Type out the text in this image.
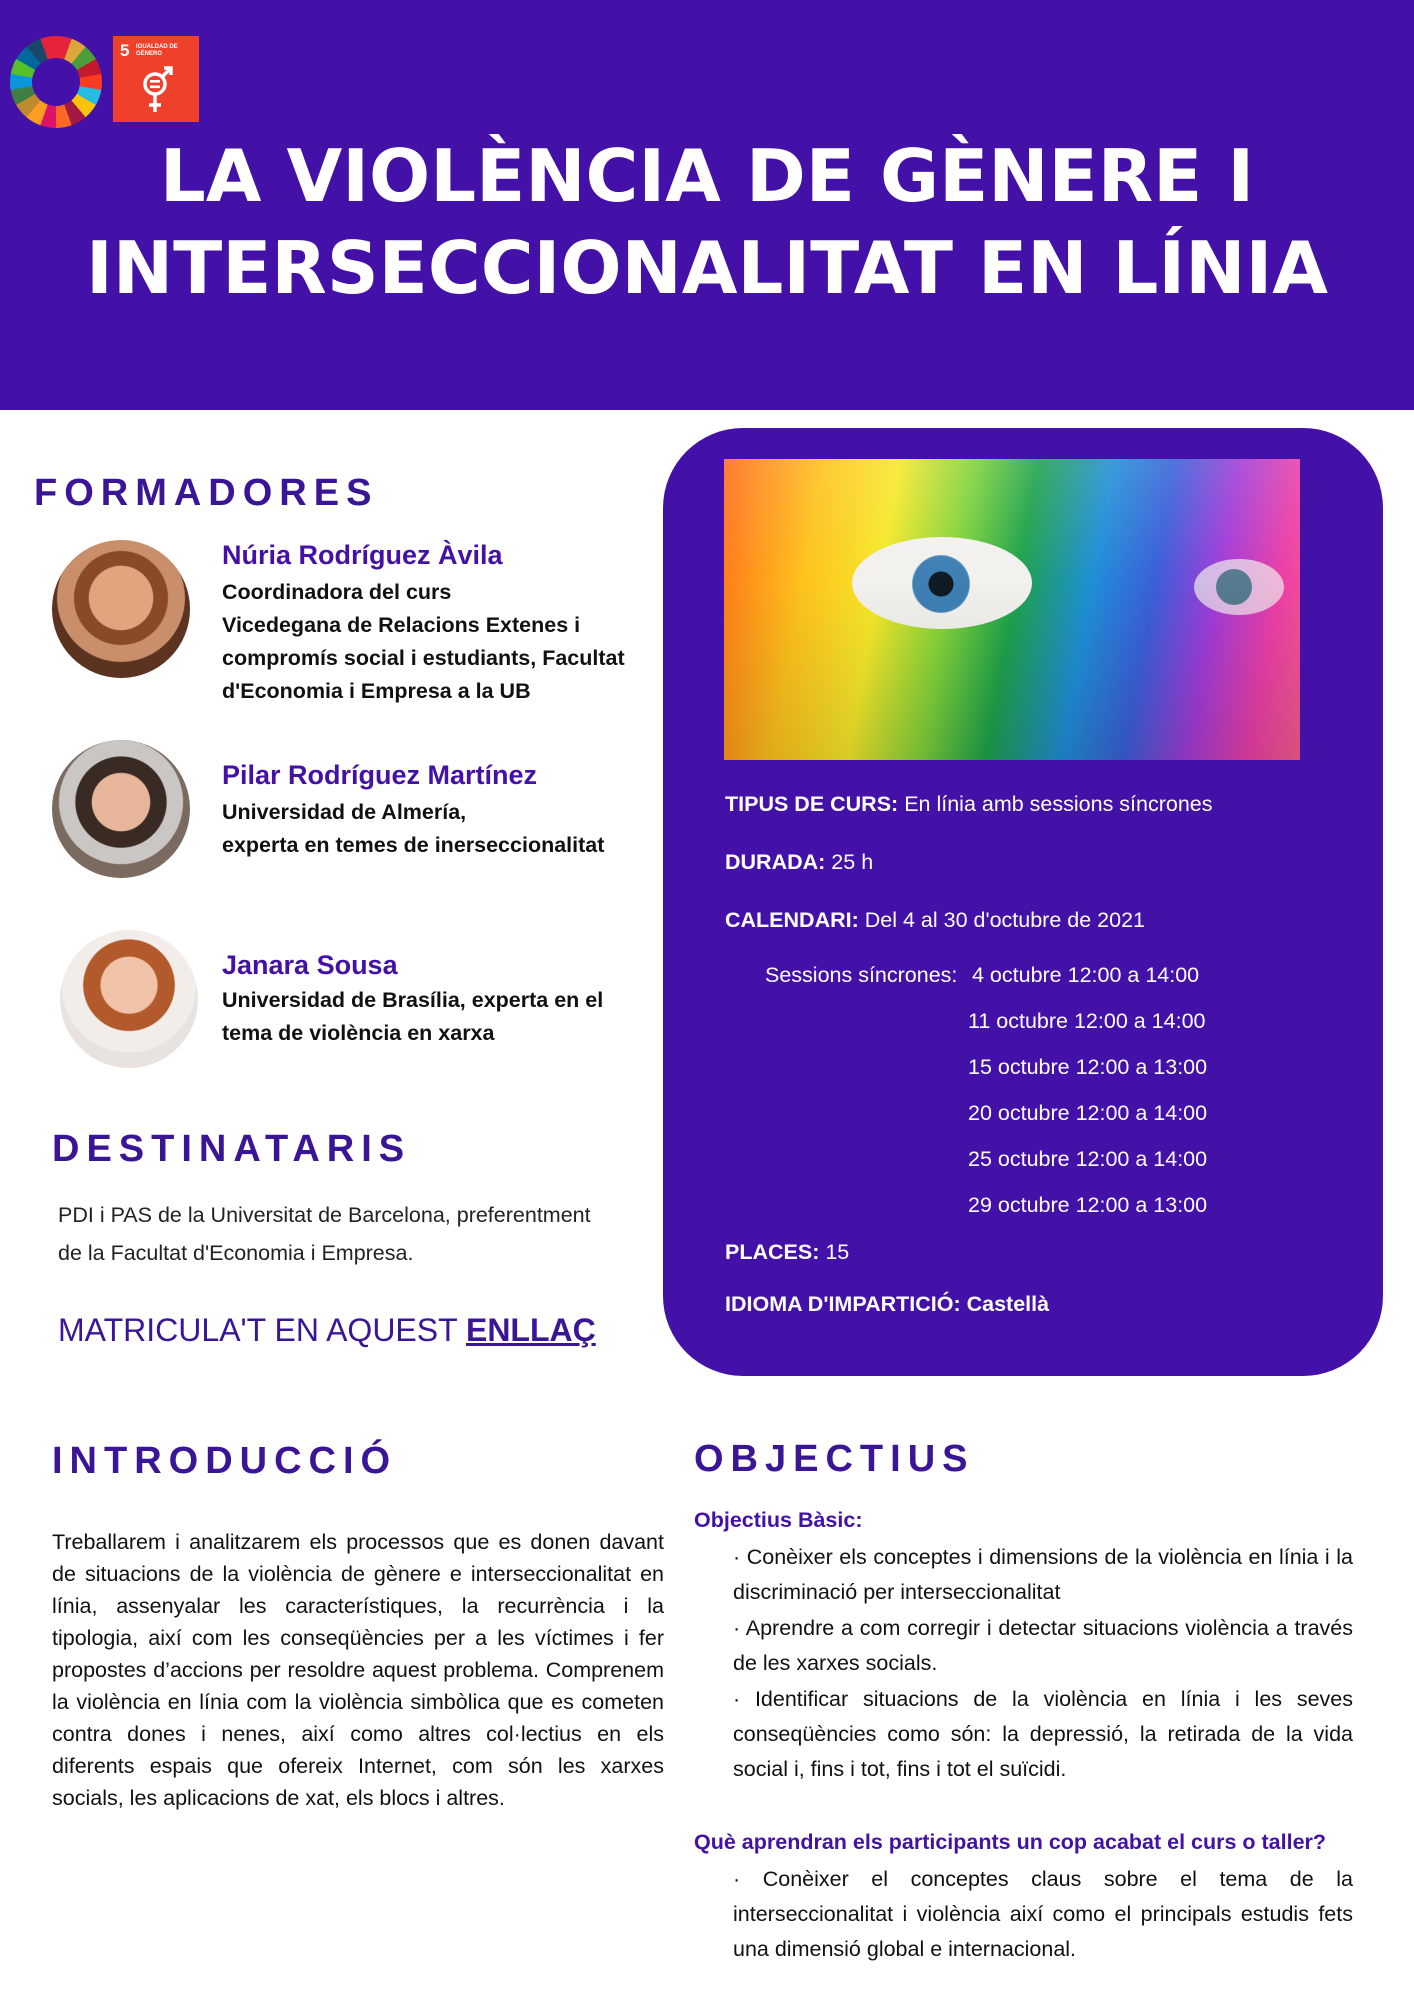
5 IGUALDAD DE GÉNERO
LA VIOLÈNCIA DE GÈNERE I
INTERSECCIONALITAT EN LÍNIA
FORMADORES
Núria Rodríguez Àvila
Coordinadora del curs
Vicedegana de Relacions Extenes i
compromís social i estudiants, Facultat
d'Economia i Empresa a la UB
Pilar Rodríguez Martínez
Universidad de Almería,
experta en temes de inerseccionalitat
Janara Sousa
Universidad de Brasília, experta en el
tema de violència en xarxa
DESTINATARIS
PDI i PAS de la Universitat de Barcelona, preferentment
de la Facultat d'Economia i Empresa.
MATRICULA'T EN AQUEST ENLLAÇ
TIPUS DE CURS: En línia amb sessions síncrones
DURADA: 25 h
CALENDARI: Del 4 al 30 d'octubre de 2021
Sessions síncrones: 4 octubre 12:00 a 14:00
11 octubre 12:00 a 14:00
15 octubre 12:00 a 13:00
20 octubre 12:00 a 14:00
25 octubre 12:00 a 14:00
29 octubre 12:00 a 13:00
PLACES: 15
IDIOMA D'IMPARTICIÓ: Castellà
INTRODUCCIÓ
Treballarem i analitzarem els processos que es donen davant de situacions de la violència de gènere e interseccionalitat en línia, assenyalar les característiques, la recurrència i la tipologia, així com les conseqüències per a les víctimes i fer propostes d’accions per resoldre aquest problema. Comprenem la violència en línia com la violència simbòlica que es cometen contra dones i nenes, així como altres col·lectius en els diferents espais que ofereix Internet, com són les xarxes socials, les aplicacions de xat, els blocs i altres.
OBJECTIUS
Objectius Bàsic:
· Conèixer els conceptes i dimensions de la violència en línia i la discriminació per interseccionalitat
· Aprendre a com corregir i detectar situacions violència a través de les xarxes socials.
· Identificar situacions de la violència en línia i les seves conseqüències como són: la depressió, la retirada de la vida social i, fins i tot, fins i tot el suïcidi.
Què aprendran els participants un cop acabat el curs o taller?
· Conèixer el conceptes claus sobre el tema de la interseccionalitat i violència així como el principals estudis fets una dimensió global e internacional.
